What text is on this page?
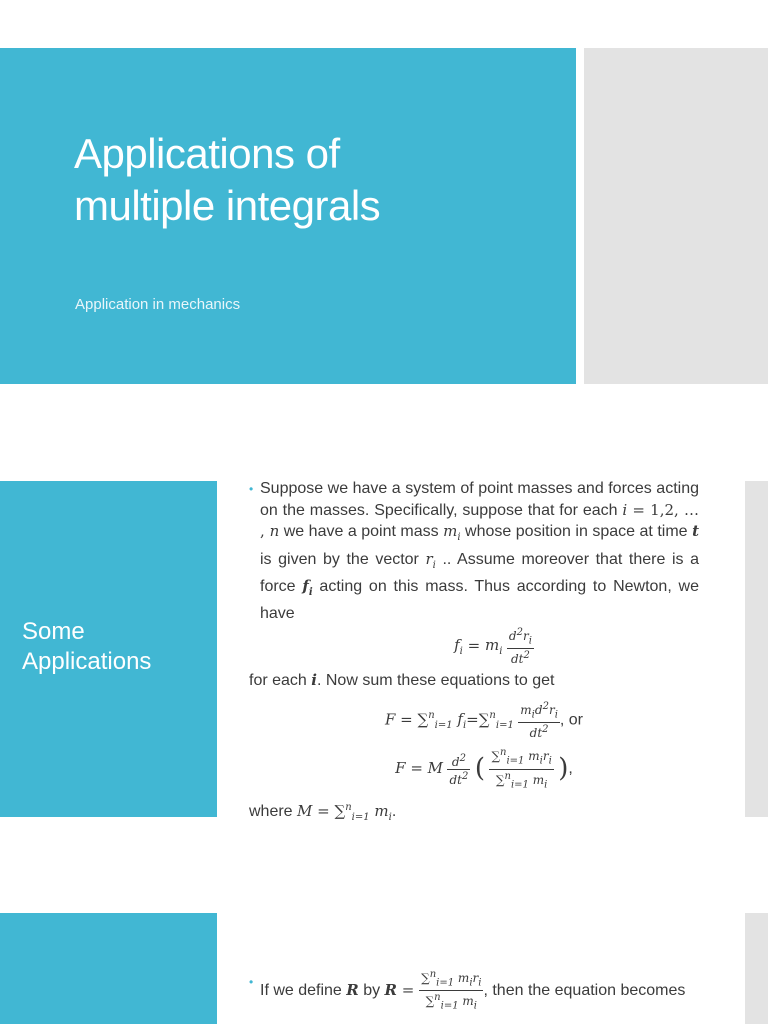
Applications of
multiple integrals
Application in mechanics
Some
Applications
• Suppose we have a system of point masses and forces acting on the masses. Specifically, suppose that for each i = 1,2, … , n we have a point mass $m_i$ whose position in space at time t is given by the vector $r_i$ .. Assume moreover that there is a force $f_i$ acting on this mass. Thus according to Newton, we have
$f_i = m_i \frac{d^2r_i}{dt^2}$
for each i. Now sum these equations to get
F = ∑$^n_{i=1}$ $f_i=\sum^n_{i=1} \frac{m_id^2r_i}{dt^2}$ , or
F = M $\frac{d^2}{dt^2}$ ( $\frac{\sum^n_{i=1} m_ir_i}{\sum^n_{i=1} m_i}$ ),
where M = ∑$^n_{i=1}$ $m_i$.
•
If we define R by $R = \frac{\sum^n_{i=1} m_ir_i}{\sum^n_{i=1} m_i}$ , then the equation becomes
